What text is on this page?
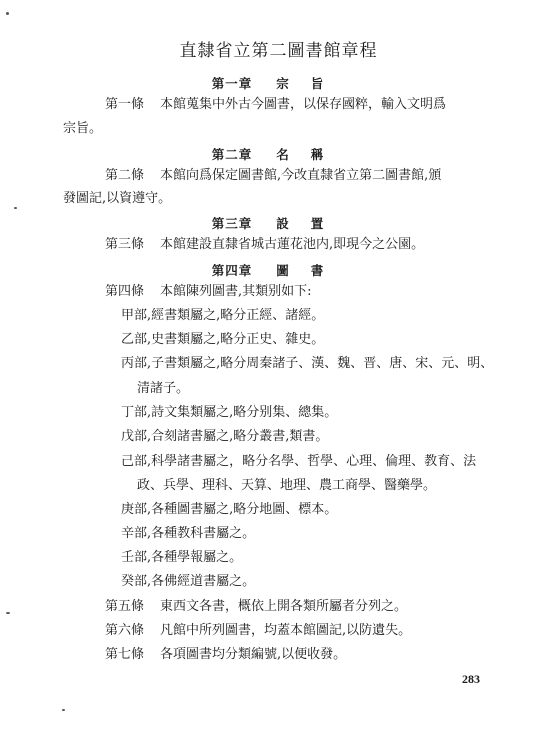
直隸省立第二圖書館章程
第一章 宗旨
第一條 本館蒐集中外古今圖書，以保存國粹，輸入文明爲
宗旨。
第二章 名稱
第二條 本館向爲保定圖書館,今改直隸省立第二圖書館,頒
發圖記,以資遵守。
第三章 設置
第三條 本館建設直隸省城古蓮花池内,即現今之公園。
第四章 圖書
第四條 本館陳列圖書,其類别如下:
甲部,經書類屬之,略分正經、諸經。
乙部,史書類屬之,略分正史、雜史。
丙部,子書類屬之,略分周秦諸子、漢、魏、晋、唐、宋、元、明、
清諸子。
丁部,詩文集類屬之,略分别集、總集。
戊部,合刻諸書屬之,略分叢書,類書。
己部,科學諸書屬之，略分名學、哲學、心理、倫理、教育、法
政、兵學、理科、天算、地理、農工商學、醫藥學。
庚部,各種圖書屬之,略分地圖、標本。
辛部,各種教科書屬之。
壬部,各種學報屬之。
癸部,各佛經道書屬之。
第五條 東西文各書，概依上開各類所屬者分列之。
第六條 凡館中所列圖書，均蓋本館圖記,以防遺失。
第七條 各項圖書均分類編號,以便收發。
283
